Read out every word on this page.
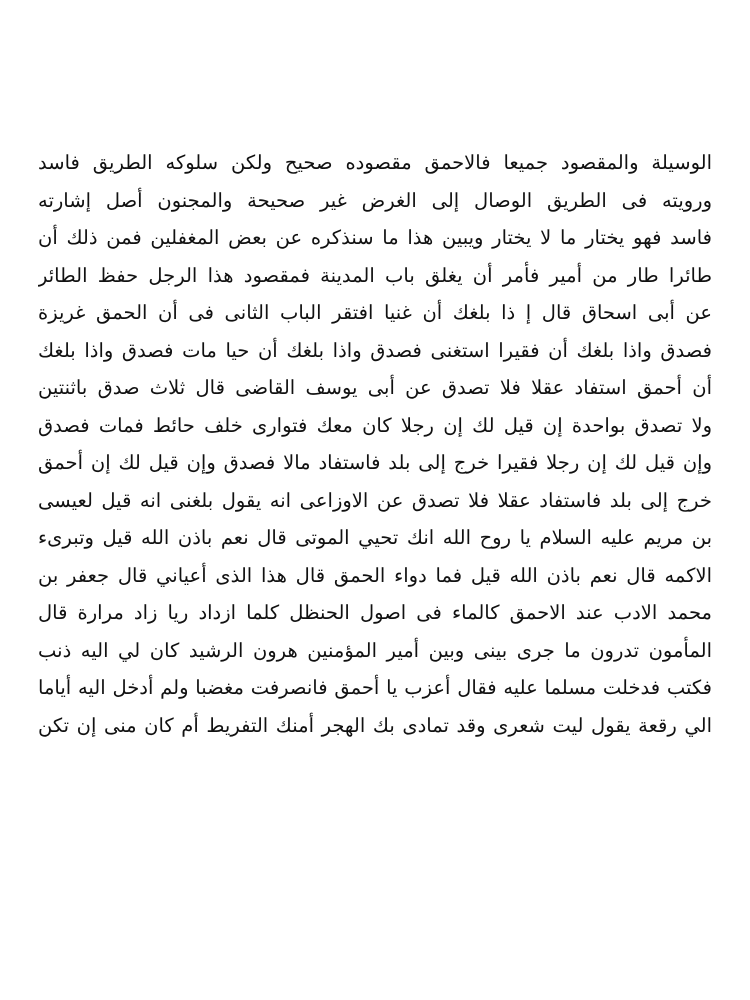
الوسيلة والمقصود جميعا فالاحمق مقصوده صحيح ولكن سلوكه الطريق فاسد
ورويته فى الطريق الوصال إلى الغرض غير صحيحة والمجنون أصل إشارته
فاسد فهو يختار ما لا يختار ويبين هذا ما سنذكره عن بعض المغفلين فمن ذلك أن
طائرا طار من أمير فأمر أن يغلق باب المدينة فمقصود هذا الرجل حفظ الطائر
عن أبى اسحاق قال إ ذا بلغك أن غنيا افتقر الباب الثانى فى أن الحمق غريزة
فصدق واذا بلغك أن فقيرا استغنى فصدق واذا بلغك أن حيا مات فصدق واذا بلغك
أن أحمق استفاد عقلا فلا تصدق عن أبى يوسف القاضى قال ثلاث صدق باثنتين
ولا تصدق بواحدة إن قيل لك إن رجلا كان معك فتوارى خلف حائط فمات فصدق
وإن قيل لك إن رجلا فقيرا خرج إلى بلد فاستفاد مالا فصدق وإن قيل لك إن أحمق
خرج إلى بلد فاستفاد عقلا فلا تصدق عن الاوزاعى انه يقول بلغنى انه قيل لعيسى
بن مريم عليه السلام يا روح الله انك تحيي الموتى قال نعم باذن الله قيل وتبرىء
الاكمه قال نعم باذن الله قيل فما دواء الحمق قال هذا الذى أعياني قال جعفر بن
محمد الادب عند الاحمق كالماء فى اصول الحنظل كلما ازداد ريا زاد مرارة قال
المأمون تدرون ما جرى بينى وبين أمير المؤمنين هرون الرشيد كان لي اليه ذنب
فكتب فدخلت مسلما عليه فقال أعزب يا أحمق فانصرفت مغضبا ولم أدخل اليه أياما
الي رقعة يقول ليت شعرى وقد تمادى بك الهجر أمنك التفريط أم كان منى إن تكن
